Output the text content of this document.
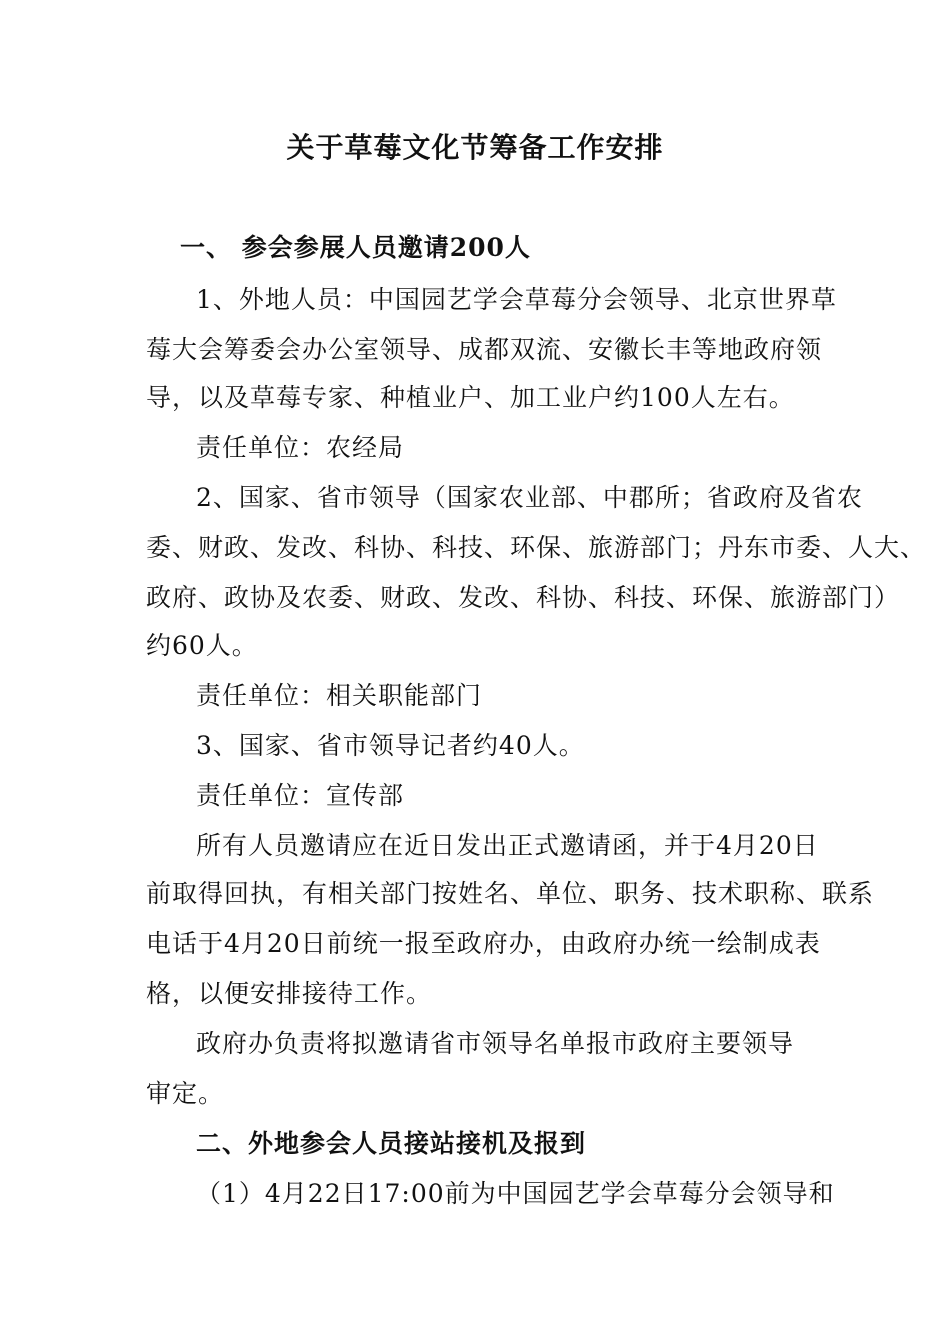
关于草莓文化节筹备工作安排
一、 参会参展人员邀请200人
1、外地人员：中国园艺学会草莓分会领导、北京世界草
莓大会筹委会办公室领导、成都双流、安徽长丰等地政府领
导，以及草莓专家、种植业户、加工业户约100人左右。
责任单位：农经局
2、国家、省市领导（国家农业部、中郡所；省政府及省农
委、财政、发改、科协、科技、环保、旅游部门；丹东市委、人大、
政府、政协及农委、财政、发改、科协、科技、环保、旅游部门）
约60人。
责任单位：相关职能部门
3、国家、省市领导记者约40人。
责任单位：宣传部
所有人员邀请应在近日发出正式邀请函，并于4月20日
前取得回执，有相关部门按姓名、单位、职务、技术职称、联系
电话于4月20日前统一报至政府办，由政府办统一绘制成表
格，以便安排接待工作。
政府办负责将拟邀请省市领导名单报市政府主要领导
审定。
二、外地参会人员接站接机及报到
（1）4月22日17:00前为中国园艺学会草莓分会领导和
